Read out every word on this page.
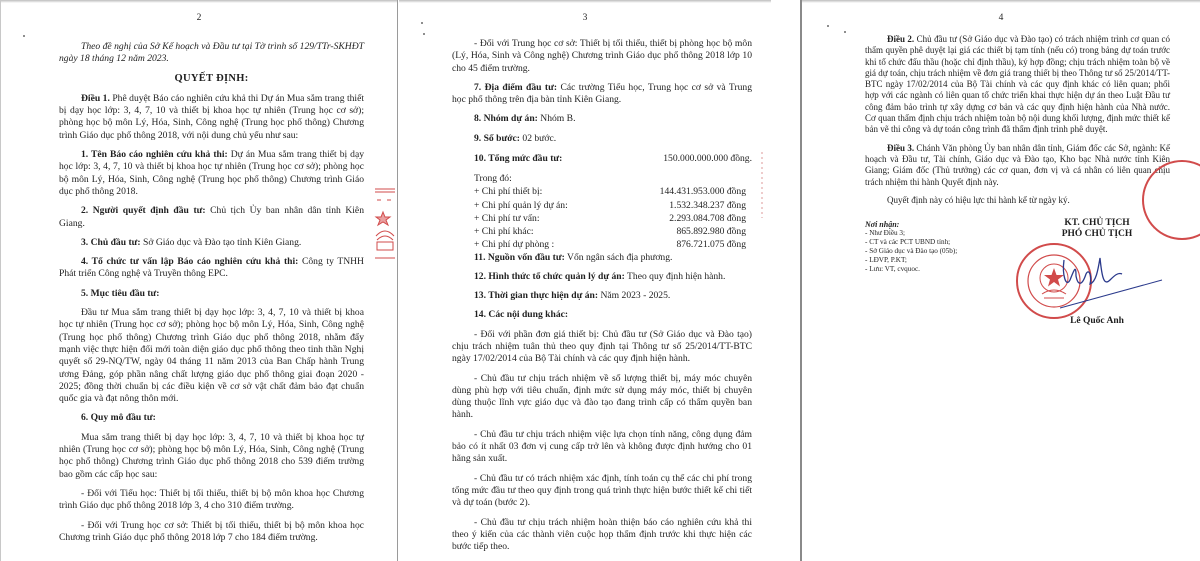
2

Theo đề nghị của Sở Kế hoạch và Đầu tư tại Tờ trình số 129/TTr-SKHĐT ngày 18 tháng 12 năm 2023.

QUYẾT ĐỊNH:

Điều 1. Phê duyệt Báo cáo nghiên cứu khả thi Dự án Mua sắm trang thiết bị dạy học lớp: 3, 4, 7, 10 và thiết bị khoa học tự nhiên (Trung học cơ sở); phòng học bộ môn Lý, Hóa, Sinh, Công nghệ (Trung học phổ thông) Chương trình Giáo dục phổ thông 2018, với nội dung chủ yếu như sau:

1. Tên Báo cáo nghiên cứu khả thi: Dự án Mua sắm trang thiết bị dạy học lớp: 3, 4, 7, 10 và thiết bị khoa học tự nhiên (Trung học cơ sở); phòng học bộ môn Lý, Hóa, Sinh, Công nghệ (Trung học phổ thông) Chương trình Giáo dục phổ thông 2018.

2. Người quyết định đầu tư: Chủ tịch Ủy ban nhân dân tỉnh Kiên Giang.

3. Chủ đầu tư: Sở Giáo dục và Đào tạo tỉnh Kiên Giang.

4. Tổ chức tư vấn lập Báo cáo nghiên cứu khả thi: Công ty TNHH Phát triển Công nghệ và Truyền thông EPC.

5. Mục tiêu đầu tư:

Đầu tư Mua sắm trang thiết bị dạy học lớp: 3, 4, 7, 10 và thiết bị khoa học tự nhiên (Trung học cơ sở); phòng học bộ môn Lý, Hóa, Sinh, Công nghệ (Trung học phổ thông) Chương trình Giáo dục phổ thông 2018, nhằm đẩy mạnh việc thực hiện đổi mới toàn diện giáo dục phổ thông theo tinh thần Nghị quyết số 29-NQ/TW, ngày 04 tháng 11 năm 2013 của Ban Chấp hành Trung ương Đảng, góp phần nâng chất lượng giáo dục phổ thông giai đoạn 2020 - 2025; đồng thời chuẩn bị các điều kiện về cơ sở vật chất đảm bảo đạt chuẩn quốc gia và đạt nông thôn mới.

6. Quy mô đầu tư:

Mua sắm trang thiết bị dạy học lớp: 3, 4, 7, 10 và thiết bị khoa học tự nhiên (Trung học cơ sở); phòng học bộ môn Lý, Hóa, Sinh, Công nghệ (Trung học phổ thông) Chương trình Giáo dục phổ thông 2018 cho 539 điểm trường bao gồm các cấp học sau:

- Đối với Tiểu học: Thiết bị tối thiểu, thiết bị bộ môn khoa học Chương trình Giáo dục phổ thông 2018 lớp 3, 4 cho 310 điểm trường.

- Đối với Trung học cơ sở: Thiết bị tối thiểu, thiết bị bộ môn khoa học Chương trình Giáo dục phổ thông 2018 lớp 7 cho 184 điểm trường.

3

- Đối với Trung học cơ sở: Thiết bị tối thiểu, thiết bị phòng học bộ môn (Lý, Hóa, Sinh và Công nghệ) Chương trình Giáo dục phổ thông 2018 lớp 10 cho 45 điểm trường.

7. Địa điểm đầu tư: Các trường Tiểu học, Trung học cơ sở và Trung học phổ thông trên địa bàn tỉnh Kiên Giang.

8. Nhóm dự án: Nhóm B.

9. Số bước: 02 bước.

10. Tổng mức đầu tư:	150.000.000.000 đồng.

Trong đó:

+ Chi phí thiết bị:	144.431.953.000 đồng
+ Chi phí quản lý dự án:	1.532.348.237 đồng
+ Chi phí tư vấn:	2.293.084.708 đồng
+ Chi phí khác:	865.892.980 đồng
+ Chi phí dự phòng :	876.721.075 đồng

11. Nguồn vốn đầu tư: Vốn ngân sách địa phương.

12. Hình thức tổ chức quản lý dự án: Theo quy định hiện hành.

13. Thời gian thực hiện dự án: Năm 2023 - 2025.

14. Các nội dung khác:

- Đối với phần đơn giá thiết bị: Chủ đầu tư (Sở Giáo dục và Đào tạo) chịu trách nhiệm tuân thủ theo quy định tại Thông tư số 25/2014/TT-BTC ngày 17/02/2014 của Bộ Tài chính và các quy định hiện hành.

- Chủ đầu tư chịu trách nhiệm về số lượng thiết bị, máy móc chuyên dùng phù hợp với tiêu chuẩn, định mức sử dụng máy móc, thiết bị chuyên dùng thuộc lĩnh vực giáo dục và đào tạo đang trình cấp có thẩm quyền ban hành.

- Chủ đầu tư chịu trách nhiệm việc lựa chọn tính năng, công dụng đảm bảo có ít nhất 03 đơn vị cung cấp trở lên và không được định hướng cho 01 hãng sản xuất.

- Chủ đầu tư có trách nhiệm xác định, tính toán cụ thể các chi phí trong tổng mức đầu tư theo quy định trong quá trình thực hiện bước thiết kế chi tiết và dự toán (bước 2).

- Chủ đầu tư chịu trách nhiệm hoàn thiện báo cáo nghiên cứu khả thi theo ý kiến của các thành viên cuộc họp thẩm định trước khi thực hiện các bước tiếp theo.

4

Điều 2. Chủ đầu tư (Sở Giáo dục và Đào tạo) có trách nhiệm trình cơ quan có thẩm quyền phê duyệt lại giá các thiết bị tạm tính (nếu có) trong bảng dự toán trước khi tổ chức đấu thầu (hoặc chỉ định thầu), ký hợp đồng; chịu trách nhiệm toàn bộ về giá dự toán, chịu trách nhiệm về đơn giá trang thiết bị theo Thông tư số 25/2014/TT-BTC ngày 17/02/2014 của Bộ Tài chính và các quy định khác có liên quan; phối hợp với các ngành có liên quan tổ chức triển khai thực hiện dự án theo Luật Đầu tư công đảm bảo trình tự xây dựng cơ bản và các quy định hiện hành của Nhà nước. Cơ quan thẩm định chịu trách nhiệm toàn bộ nội dung khối lượng, định mức thiết kế bản vẽ thi công và dự toán công trình đã thẩm định trình phê duyệt.

Điều 3. Chánh Văn phòng Ủy ban nhân dân tỉnh, Giám đốc các Sở, ngành: Kế hoạch và Đầu tư, Tài chính, Giáo dục và Đào tạo, Kho bạc Nhà nước tỉnh Kiên Giang; Giám đốc (Thủ trưởng) các cơ quan, đơn vị và cá nhân có liên quan chịu trách nhiệm thi hành Quyết định này.

Quyết định này có hiệu lực thi hành kể từ ngày ký.

Nơi nhận:
- Như Điều 3;
- CT và các PCT UBND tỉnh;
- Sở Giáo dục và Đào tạo (05b);
- LĐVP, P.KT;
- Lưu: VT, cvquoc.
KT. CHỦ TỊCH
PHÓ CHỦ TỊCH
Lê Quốc Anh
